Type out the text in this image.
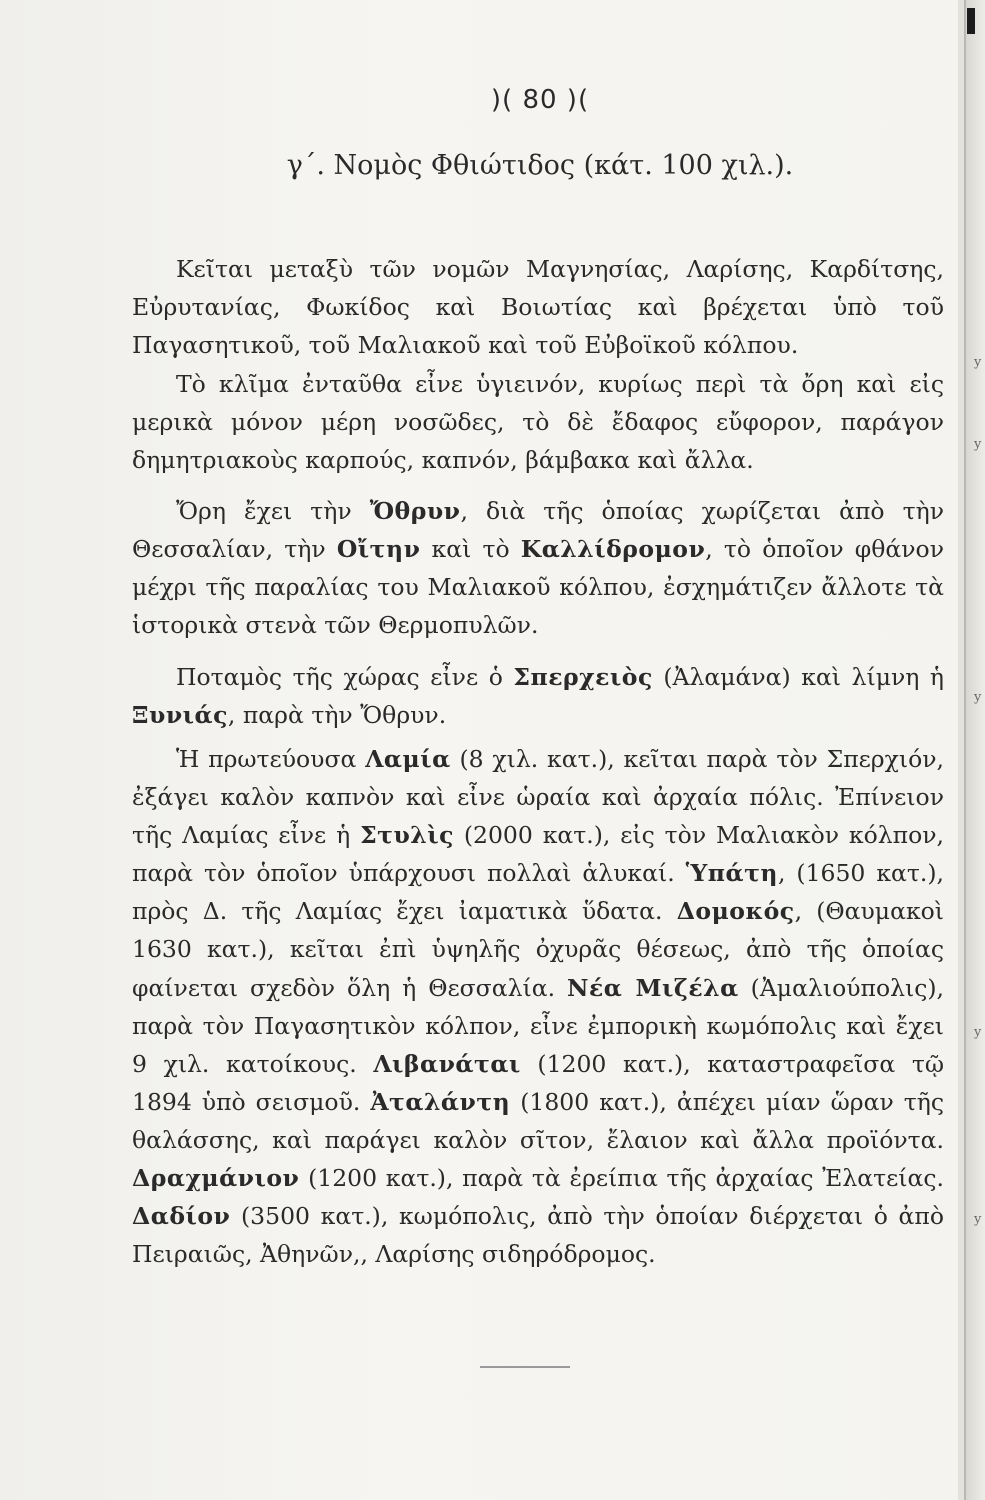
y
y
y
y
y
)( 80 )(
γ΄. Νομὸς Φθιώτιδος (κάτ. 100 χιλ.).

Κεῖται μεταξὺ τῶν νομῶν Μαγνησίας, Λαρίσης, Καρδίτσης, Εὐρυτανίας, Φωκίδος καὶ Βοιωτίας καὶ βρέχεται ὑπὸ τοῦ Παγασητικοῦ, τοῦ Μαλιακοῦ καὶ τοῦ Εὐβοϊκοῦ κόλπου.

Τὸ κλῖμα ἐνταῦθα εἶνε ὑγιεινόν, κυρίως περὶ τὰ ὄρη καὶ εἰς μερικὰ μόνον μέρη νοσῶδες, τὸ δὲ ἔδαφος εὔφορον, παράγον δημητριακοὺς καρπούς, καπνόν, βάμβακα καὶ ἄλλα.

Ὄρη ἔχει τὴν Ὄθρυν, διὰ τῆς ὁποίας χωρίζεται ἀπὸ τὴν Θεσσαλίαν, τὴν Οἴτην καὶ τὸ Καλλίδρομον, τὸ ὁποῖον φθάνον μέχρι τῆς παραλίας του Μαλιακοῦ κόλπου, ἐσχημάτιζεν ἄλλοτε τὰ ἱστορικὰ στενὰ τῶν Θερμοπυλῶν.

Ποταμὸς τῆς χώρας εἶνε ὁ Σπερχειὸς (Ἀλαμάνα) καὶ λίμνη ἡ Ξυνιάς, παρὰ τὴν Ὄθρυν.

Ἡ πρωτεύουσα Λαμία (8 χιλ. κατ.), κεῖται παρὰ τὸν Σπερχιόν, ἐξάγει καλὸν καπνὸν καὶ εἶνε ὡραία καὶ ἀρχαία πόλις. Ἐπίνειον τῆς Λαμίας εἶνε ἡ Στυλὶς (2000 κατ.), εἰς τὸν Μαλιακὸν κόλπον, παρὰ τὸν ὁποῖον ὑπάρχουσι πολλαὶ ἁλυκαί. Ὑπάτη, (1650 κατ.), πρὸς Δ. τῆς Λαμίας ἔχει ἰαματικὰ ὕδατα. Δομοκός, (Θαυμακοὶ 1630 κατ.), κεῖται ἐπὶ ὑψηλῆς ὀχυρᾶς θέσεως, ἀπὸ τῆς ὁποίας φαίνεται σχεδὸν ὅλη ἡ Θεσσαλία. Νέα Μιζέλα (Ἀμαλιούπολις), παρὰ τὸν Παγασητικὸν κόλπον, εἶνε ἐμπορικὴ κωμόπολις καὶ ἔχει 9 χιλ. κατοίκους. Λιβανάται (1200 κατ.), καταστραφεῖσα τῷ 1894 ὑπὸ σεισμοῦ. Ἀταλάντη (1800 κατ.), ἀπέχει μίαν ὥραν τῆς θαλάσσης, καὶ παράγει καλὸν σῖτον, ἔλαιον καὶ ἄλλα προϊόντα. Δραχμάνιον (1200 κατ.), παρὰ τὰ ἐρείπια τῆς ἀρχαίας Ἐλατείας. Δαδίον (3500 κατ.), κωμόπολις, ἀπὸ τὴν ὁποίαν διέρχεται ὁ ἀπὸ Πειραιῶς, Ἀθηνῶν,, Λαρίσης σιδηρόδρομος.
